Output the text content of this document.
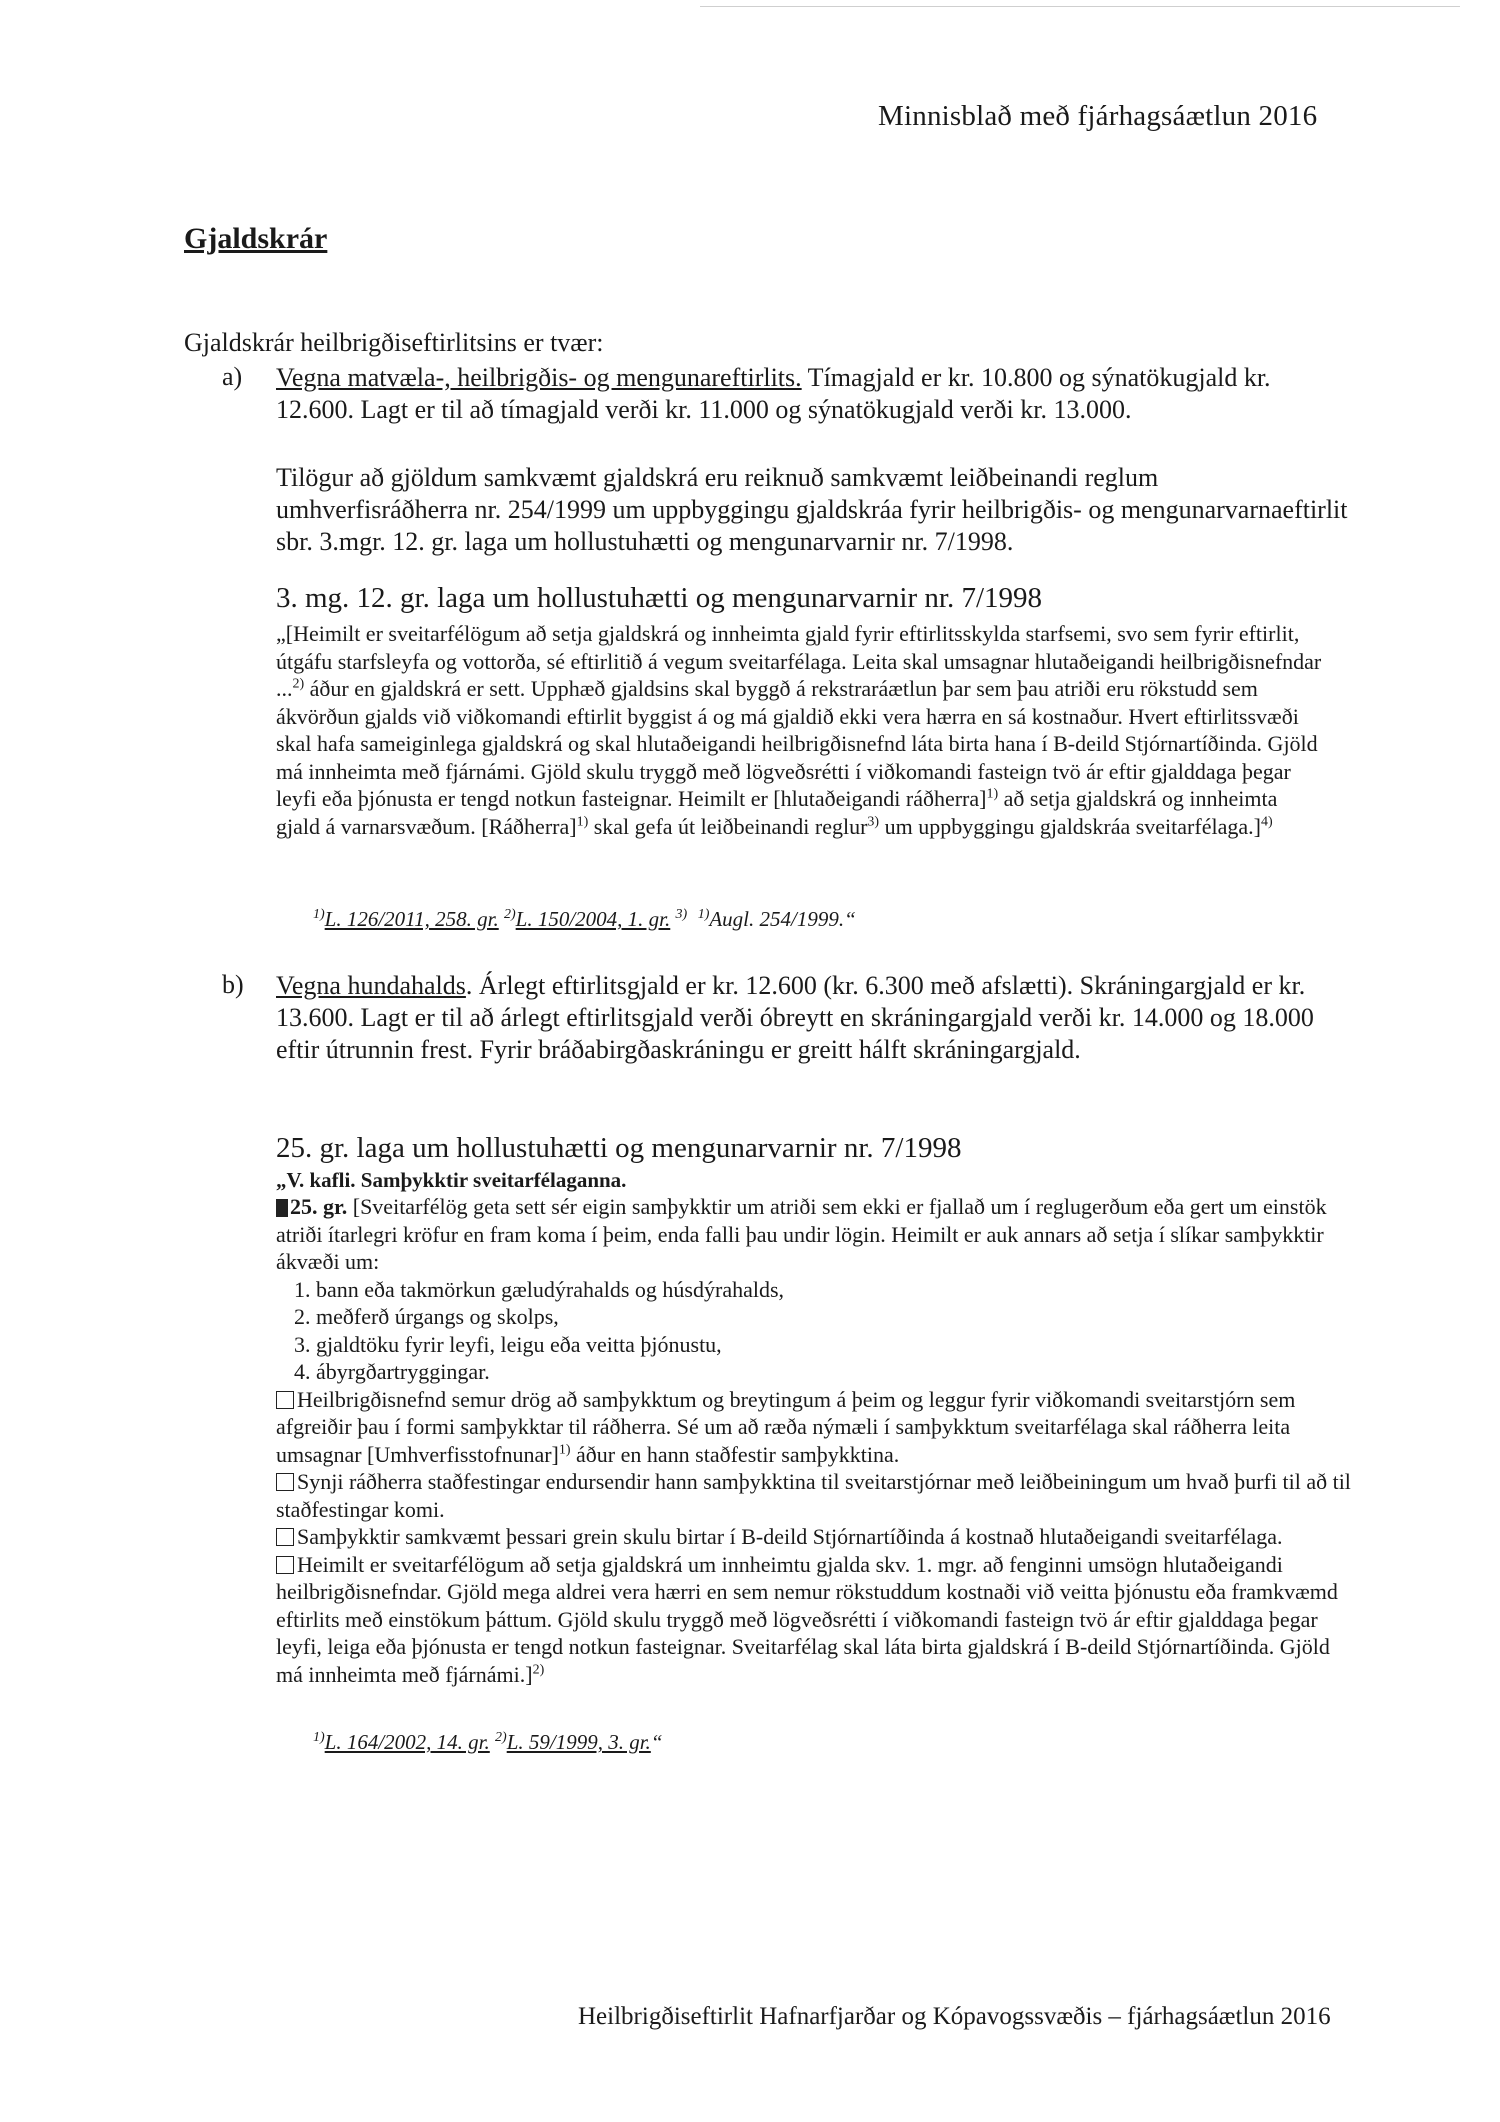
Minnisblað með fjárhagsáætlun 2016
Gjaldskrár
Gjaldskrár heilbrigðiseftirlitsins er tvær:
a) Vegna matvæla-, heilbrigðis- og mengunareftirlits. Tímagjald er kr. 10.800 og sýnatökugjald kr. 12.600. Lagt er til að tímagjald verði kr. 11.000 og sýnatökugjald verði kr. 13.000.
Tilögur að gjöldum samkvæmt gjaldskrá eru reiknuð samkvæmt leiðbeinandi reglum umhverfisráðherra nr. 254/1999 um uppbyggingu gjaldskráa fyrir heilbrigðis- og mengunarvarnaeftirlit sbr. 3.mgr. 12. gr. laga um hollustuhætti og mengunarvarnir nr. 7/1998.
3. mg. 12. gr. laga um hollustuhætti og mengunarvarnir nr. 7/1998
„[Heimilt er sveitarfélögum að setja gjaldskrá og innheimta gjald fyrir eftirlitsskylda starfsemi, svo sem fyrir eftirlit, útgáfu starfsleyfa og vottorða, sé eftirlitið á vegum sveitarfélaga. Leita skal umsagnar hlutaðeigandi heilbrigðisnefndar ...$^{2)}$ áður en gjaldskrá er sett. Upphæð gjaldsins skal byggð á rekstraráætlun þar sem þau atriði eru rökstudd sem ákvörðun gjalds við viðkomandi eftirlit byggist á og má gjaldið ekki vera hærra en sá kostnaður. Hvert eftirlitssvæði skal hafa sameiginlega gjaldskrá og skal hlutaðeigandi heilbrigðisnefnd láta birta hana í B-deild Stjórnartíðinda. Gjöld má innheimta með fjárnámi. Gjöld skulu tryggð með lögveðsrétti í viðkomandi fasteign tvö ár eftir gjalddaga þegar leyfi eða þjónusta er tengd notkun fasteignar. Heimilt er [hlutaðeigandi ráðherra]$^{1)}$ að setja gjaldskrá og innheimta gjald á varnarsvæðum. [Ráðherra]$^{1)}$ skal gefa út leiðbeinandi reglur$^{3)}$ um uppbyggingu gjaldskráa sveitarfélaga.]$^{4)}$
$^{1)}$L. 126/2011, 258. gr. $^{2)}$L. 150/2004, 1. gr. $^{3)}$ $^{1)}$Augl. 254/1999.“
b) Vegna hundahalds. Árlegt eftirlitsgjald er kr. 12.600 (kr. 6.300 með afslætti). Skráningargjald er kr. 13.600. Lagt er til að árlegt eftirlitsgjald verði óbreytt en skráningargjald verði kr. 14.000 og 18.000 eftir útrunnin frest. Fyrir bráðabirgðaskráningu er greitt hálft skráningargjald.
25. gr. laga um hollustuhætti og mengunarvarnir nr. 7/1998
„V. kafli. Samþykktir sveitarfélaganna.
25. gr. [Sveitarfélög geta sett sér eigin samþykktir um atriði sem ekki er fjallað um í reglugerðum eða gert um einstök atriði ítarlegri kröfur en fram koma í þeim, enda falli þau undir lögin. Heimilt er auk annars að setja í slíkar samþykktir ákvæði um:
1. bann eða takmörkun gæludýrahalds og húsdýrahalds,
2. meðferð úrgangs og skolps,
3. gjaldtöku fyrir leyfi, leigu eða veitta þjónustu,
4. ábyrgðartryggingar.
Heilbrigðisnefnd semur drög að samþykktum og breytingum á þeim og leggur fyrir viðkomandi sveitarstjórn sem afgreiðir þau í formi samþykktar til ráðherra. Sé um að ræða nýmæli í samþykktum sveitarfélaga skal ráðherra leita umsagnar [Umhverfisstofnunar]$^{1)}$ áður en hann staðfestir samþykktina.
Synji ráðherra staðfestingar endursendir hann samþykktina til sveitarstjórnar með leiðbeiningum um hvað þurfi til að til staðfestingar komi.
Samþykktir samkvæmt þessari grein skulu birtar í B-deild Stjórnartíðinda á kostnað hlutaðeigandi sveitarfélaga.
Heimilt er sveitarfélögum að setja gjaldskrá um innheimtu gjalda skv. 1. mgr. að fenginni umsögn hlutaðeigandi heilbrigðisnefndar. Gjöld mega aldrei vera hærri en sem nemur rökstuddum kostnaði við veitta þjónustu eða framkvæmd eftirlits með einstökum þáttum. Gjöld skulu tryggð með lögveðsrétti í viðkomandi fasteign tvö ár eftir gjalddaga þegar leyfi, leiga eða þjónusta er tengd notkun fasteignar. Sveitarfélag skal láta birta gjaldskrá í B-deild Stjórnartíðinda. Gjöld má innheimta með fjárnámi.]$^{2)}$
$^{1)}$L. 164/2002, 14. gr. $^{2)}$L. 59/1999, 3. gr.“
Heilbrigðiseftirlit Hafnarfjarðar og Kópavogssvæðis – fjárhagsáætlun 2016
